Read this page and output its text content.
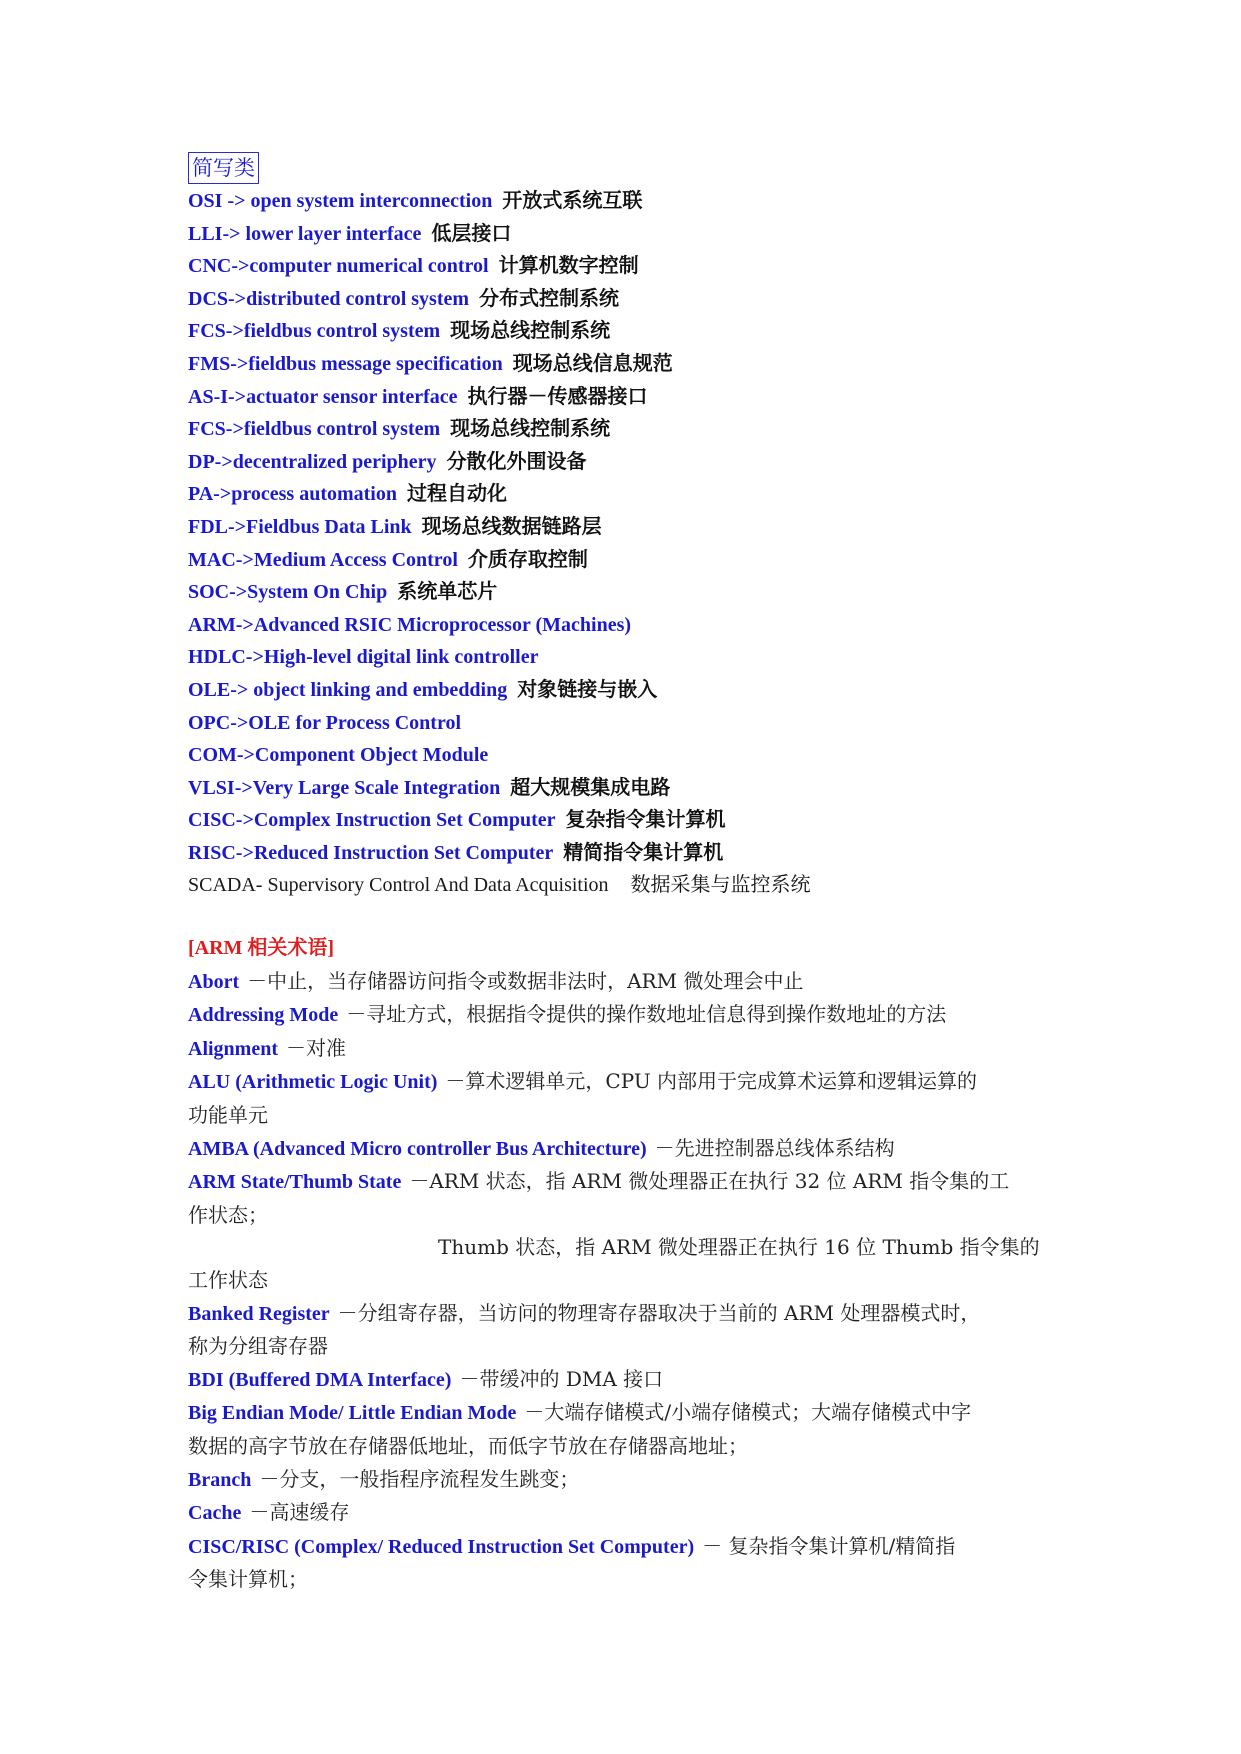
简写类
OSI -> open system interconnection 开放式系统互联
LLI-> lower layer interface 低层接口
CNC->computer numerical control 计算机数字控制
DCS->distributed control system 分布式控制系统
FCS->fieldbus control system 现场总线控制系统
FMS->fieldbus message specification 现场总线信息规范
AS-I->actuator sensor interface 执行器－传感器接口
FCS->fieldbus control system 现场总线控制系统
DP->decentralized periphery 分散化外围设备
PA->process automation 过程自动化
FDL->Fieldbus Data Link 现场总线数据链路层
MAC->Medium Access Control 介质存取控制
SOC->System On Chip 系统单芯片
ARM->Advanced RSIC Microprocessor (Machines)
HDLC->High-level digital link controller
OLE-> object linking and embedding 对象链接与嵌入
OPC->OLE for Process Control
COM->Component Object Module
VLSI->Very Large Scale Integration 超大规模集成电路
CISC->Complex Instruction Set Computer 复杂指令集计算机
RISC->Reduced Instruction Set Computer 精简指令集计算机
SCADA- Supervisory Control And Data Acquisition 数据采集与监控系统
[ARM 相关术语]
Abort －中止，当存储器访问指令或数据非法时，ARM 微处理会中止
Addressing Mode －寻址方式，根据指令提供的操作数地址信息得到操作数地址的方法
Alignment －对准
ALU (Arithmetic Logic Unit) －算术逻辑单元，CPU 内部用于完成算术运算和逻辑运算的
功能单元
AMBA (Advanced Micro controller Bus Architecture) －先进控制器总线体系结构
ARM State/Thumb State －ARM 状态，指 ARM 微处理器正在执行 32 位 ARM 指令集的工
作状态；
Thumb 状态，指 ARM 微处理器正在执行 16 位 Thumb 指令集的
工作状态
Banked Register －分组寄存器，当访问的物理寄存器取决于当前的 ARM 处理器模式时，
称为分组寄存器
BDI (Buffered DMA Interface) －带缓冲的 DMA 接口
Big Endian Mode/ Little Endian Mode －大端存储模式/小端存储模式；大端存储模式中字
数据的高字节放在存储器低地址，而低字节放在存储器高地址；
Branch －分支，一般指程序流程发生跳变；
Cache －高速缓存
CISC/RISC (Complex/ Reduced Instruction Set Computer) － 复杂指令集计算机/精简指
令集计算机；
